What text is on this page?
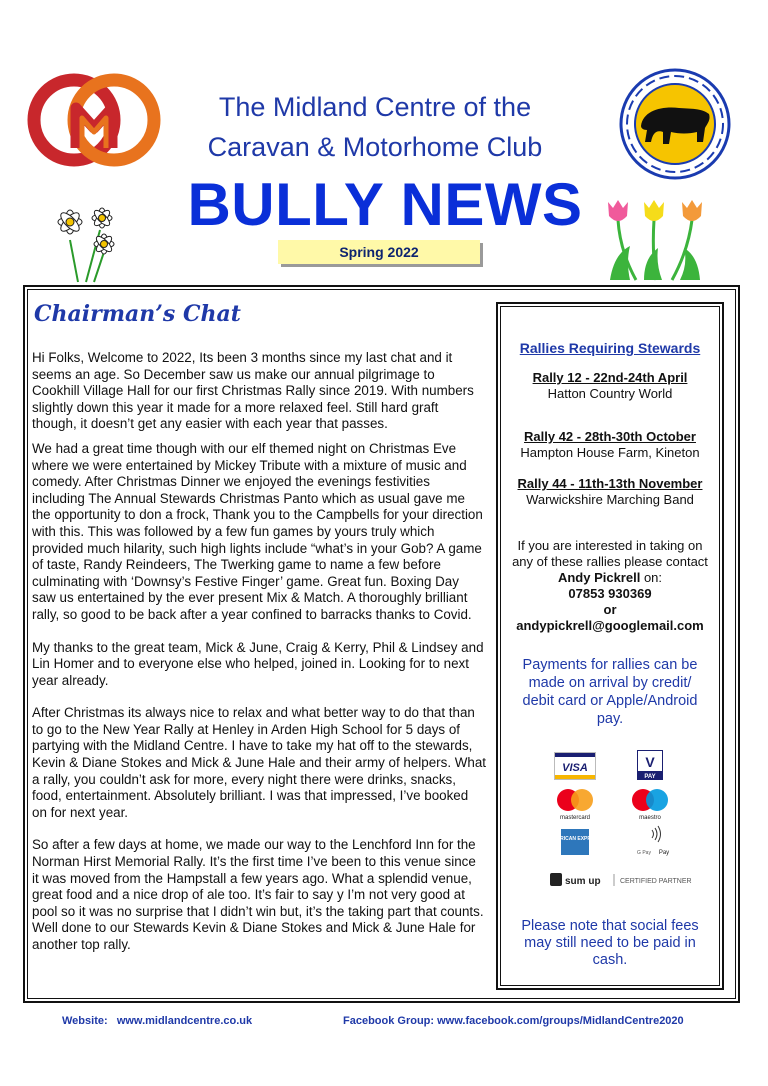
The Midland Centre of the
Caravan & Motorhome Club
BULLY NEWS
Spring 2022
Chairman’s Chat

Hi Folks, Welcome to 2022, Its been 3 months since my last chat and it seems an age. So December saw us make our annual pilgrimage to Cookhill Village Hall for our first Christmas Rally since 2019. With numbers slightly down this year it made for a more relaxed feel. Still hard graft though, it doesn’t get any easier with each year that passes.

We had a great time though with our elf themed night on Christmas Eve where we were entertained by Mickey Tribute with a mixture of music and comedy. After Christmas Dinner we enjoyed the evenings festivities including The Annual Stewards Christmas Panto which as usual gave me the opportunity to don a frock, Thank you to the Campbells for your direction with this. This was followed by a few fun games by yours truly which provided much hilarity, such high lights include “what’s in your Gob? A game of taste, Randy Reindeers, The Twerking game to name a few before culminating with ‘Downsy’s Festive Finger’ game. Great fun. Boxing Day saw us entertained by the ever present Mix & Match. A thoroughly brilliant rally, so good to be back after a year confined to barracks thanks to Covid.

My thanks to the great team, Mick & June, Craig & Kerry, Phil & Lindsey and Lin Homer and to everyone else who helped, joined in. Looking for to next year already.

After Christmas its always nice to relax and what better way to do that than to go to the New Year Rally at Henley in Arden High School for 5 days of partying with the Midland Centre. I have to take my hat off to the stewards, Kevin & Diane Stokes and Mick & June Hale and their army of helpers. What a rally, you couldn’t ask for more, every night there were drinks, snacks, food, entertainment. Absolutely brilliant. I was that impressed, I’ve booked on for next year.

So after a few days at home, we made our way to the Lenchford Inn for the Norman Hirst Memorial Rally. It’s the first time I’ve been to this venue since it was moved from the Hampstall a few years ago. What a splendid venue, great food and a nice drop of ale too. It’s fair to say y I’m not very good at pool so it was no surprise that I didn’t win but, it’s the taking part that counts. Well done to our Stewards Kevin & Diane Stokes and Mick & June Hale for another top rally.

Rallies Requiring Stewards
Rally 12 - 22nd-24th April
Hatton Country World
Rally 42 - 28th-30th October
Hampton House Farm, Kineton
Rally 44 - 11th-13th November
Warwickshire Marching Band
If you are interested in taking on any of these rallies please contact Andy Pickrell on:
07853 930369
or
andypickrell@googlemail.com
Payments for rallies can be made on arrival by credit/ debit card or Apple/Android pay.
VISA	V
PAY
mastercard	maestro
AMERICAN EXPRESS
G Pay Pay
sum up	CERTIFIED PARTNER
Please note that social fees may still need to be paid in cash.
Website: www.midlandcentre.co.uk	Facebook Group: www.facebook.com/groups/MidlandCentre2020
